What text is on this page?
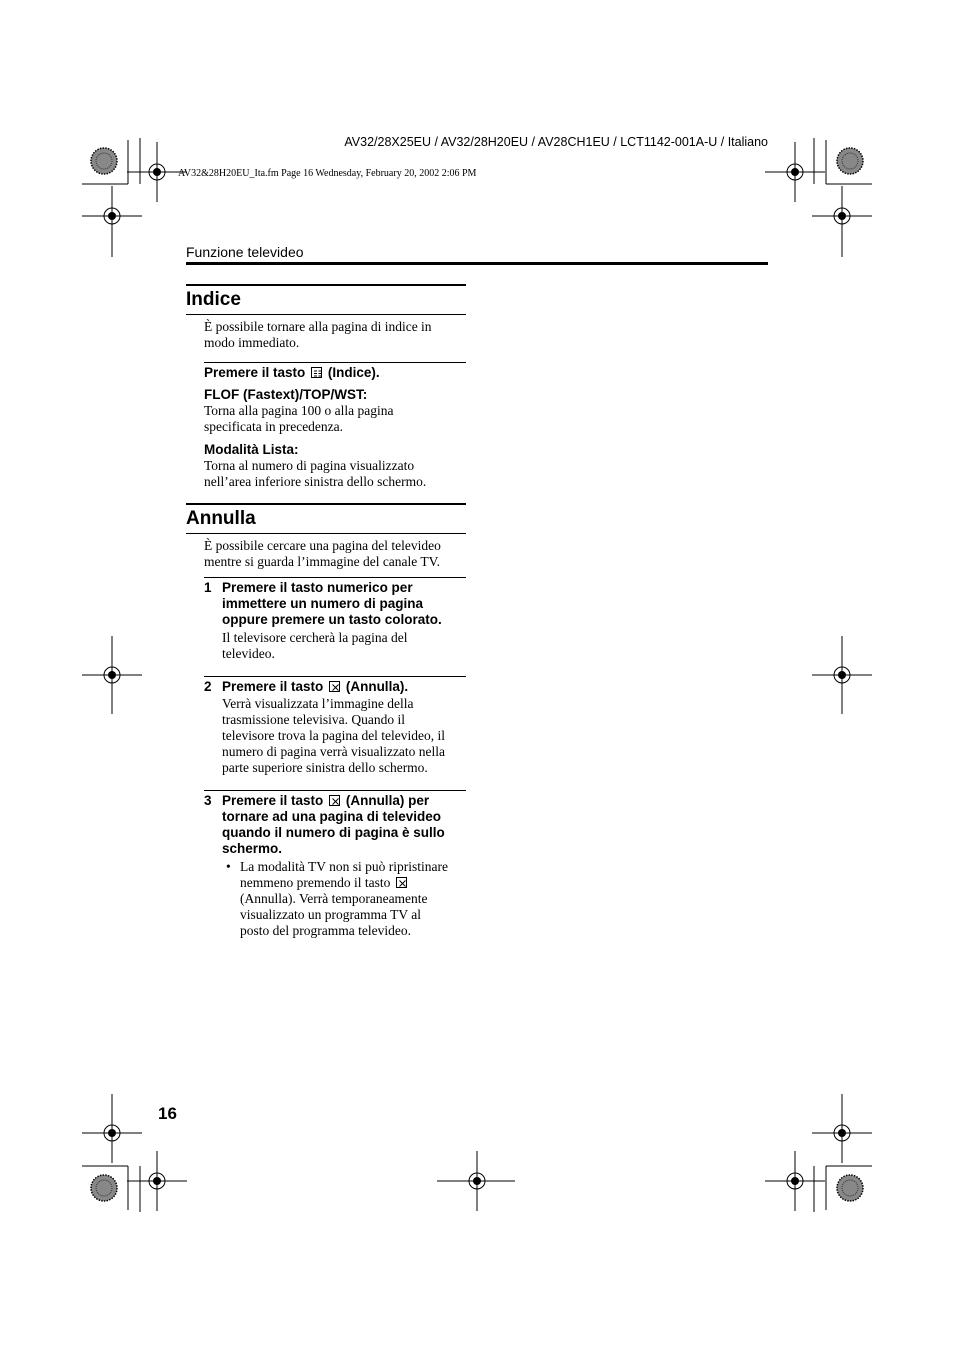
AV32/28X25EU / AV32/28H20EU / AV28CH1EU / LCT1142-001A-U / Italiano
AV32&28H20EU_Ita.fm Page 16 Wednesday, February 20, 2002 2:06 PM
Funzione televideo
Indice
È possibile tornare alla pagina di indice in
modo immediato.
Premere il tasto (Indice).
FLOF (Fastext)/TOP/WST:
Torna alla pagina 100 o alla pagina
specificata in precedenza.
Modalità Lista:
Torna al numero di pagina visualizzato
nell’area inferiore sinistra dello schermo.
Annulla
È possibile cercare una pagina del televideo
mentre si guarda l’immagine del canale TV.
1 Premere il tasto numerico per
immettere un numero di pagina
oppure premere un tasto colorato.
Il televisore cercherà la pagina del
televideo.
2 Premere il tasto (Annulla).
Verrà visualizzata l’immagine della
trasmissione televisiva. Quando il
televisore trova la pagina del televideo, il
numero di pagina verrà visualizzato nella
parte superiore sinistra dello schermo.
3 Premere il tasto (Annulla) per
tornare ad una pagina di televideo
quando il numero di pagina è sullo
schermo.
• La modalità TV non si può ripristinare
nemmeno premendo il tasto
(Annulla). Verrà temporaneamente
visualizzato un programma TV al
posto del programma televideo.
16
